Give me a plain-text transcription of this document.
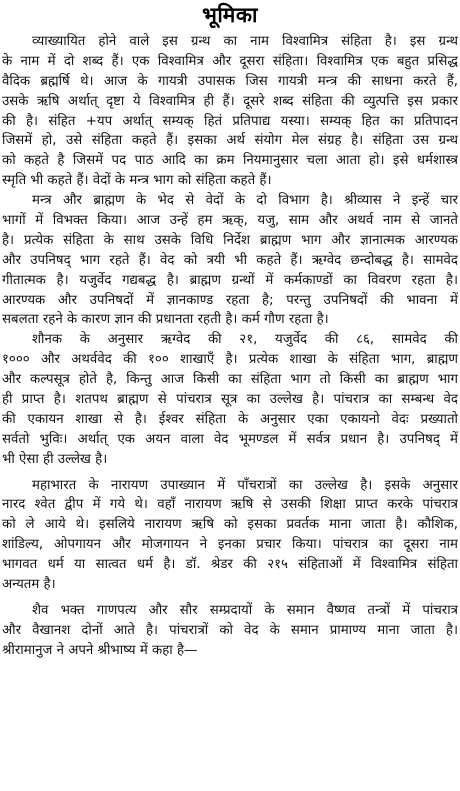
भूमिका
व्याख्यायित होने वाले इस ग्रन्थ का नाम विश्वामित्र संहिता है। इस ग्रन्थ
के नाम में दो शब्द हैं। एक विश्वामित्र और दूसरा संहिता। विश्वामित्र एक बहुत प्रसिद्ध
वैदिक ब्रह्मर्षि थे। आज के गायत्री उपासक जिस गायत्री मन्त्र की साधना करते हैं,
उसके ऋषि अर्थात् दृष्टा ये विश्वामित्र ही हैं। दूसरे शब्द संहिता की व्युत्पत्ति इस प्रकार
की है। संहित +यप अर्थात् सम्यक् हितं प्रतिपाद्य यस्या। सम्यक् हित का प्रतिपादन
जिसमें हो, उसे संहिता कहते हैं। इसका अर्थ संयोग मेल संग्रह है। संहिता उस ग्रन्थ
को कहते है जिसमें पद पाठ आदि का क्रम नियमानुसार चला आता हो। इसे धर्मशास्त्र
स्मृति भी कहते हैं। वेदों के मन्त्र भाग को संहिता कहते हैं।
मन्त्र और ब्राह्मण के भेद से वेदों के दो विभाग है। श्रीव्यास ने इन्हें चार
भागों में विभक्त किया। आज उन्हें हम ऋक्, यजु, साम और अथर्व नाम से जानते
है। प्रत्येक संहिता के साथ उसके विधि निर्देश ब्राह्मण भाग और ज्ञानात्मक आरण्यक
और उपनिषद् भाग रहते हैं। वेद को त्रयी भी कहते हैं। ऋग्वेद छन्दोबद्ध है। सामवेद
गीतात्मक है। यजुर्वेद गद्यबद्ध है। ब्राह्मण ग्रन्थों में कर्मकाण्डों का विवरण रहता है।
आरण्यक और उपनिषदों में ज्ञानकाण्ड रहता है; परन्तु उपनिषदों की भावना में
सबलता रहने के कारण ज्ञान की प्रधानता रहती है। कर्म गौण रहता है।
शौनक के अनुसार ऋग्वेद की २१, यजुर्वेद की ८६, सामवेद की
१००० और अथर्ववेद की १०० शाखाएँ है। प्रत्येक शाखा के संहिता भाग, ब्राह्मण
और कल्पसूत्र होते है, किन्तु आज किसी का संहिता भाग तो किसी का ब्राह्मण भाग
ही प्राप्त है। शतपथ ब्राह्मण से पांचरात्र सूत्र का उल्लेख है। पांचरात्र का सम्बन्ध वेद
की एकायन शाखा से है। ईश्वर संहिता के अनुसार एका एकायनो वेदः प्रख्यातो
सर्वतो भुविः। अर्थात् एक अयन वाला वेद भूमण्डल में सर्वत्र प्रधान है। उपनिषद् में
भी ऐसा ही उल्लेख है।
महाभारत के नारायण उपाख्यान में पाँचरात्रों का उल्लेख है। इसके अनुसार
नारद श्वेत द्वीप में गये थे। वहाँ नारायण ऋषि से उसकी शिक्षा प्राप्त करके पांचरात्र
को ले आये थे। इसलिये नारायण ऋषि को इसका प्रवर्तक माना जाता है। कौशिक,
शांडिल्य, ओपगायन और मोजगायन ने इनका प्रचार किया। पांचरात्र का दूसरा नाम
भागवत धर्म या सात्वत धर्म है। डॉ. श्रेडर की २१५ संहिताओं में विश्वामित्र संहिता
अन्यतम है।
शैव भक्त गाणपत्य और सौर सम्प्रदायों के समान वैष्णव तन्त्रों में पांचरात्र
और वैखानश दोनों आते है। पांचरात्रों को वेद के समान प्रामाण्य माना जाता है।
श्रीरामानुज ने अपने श्रीभाष्य में कहा है—
